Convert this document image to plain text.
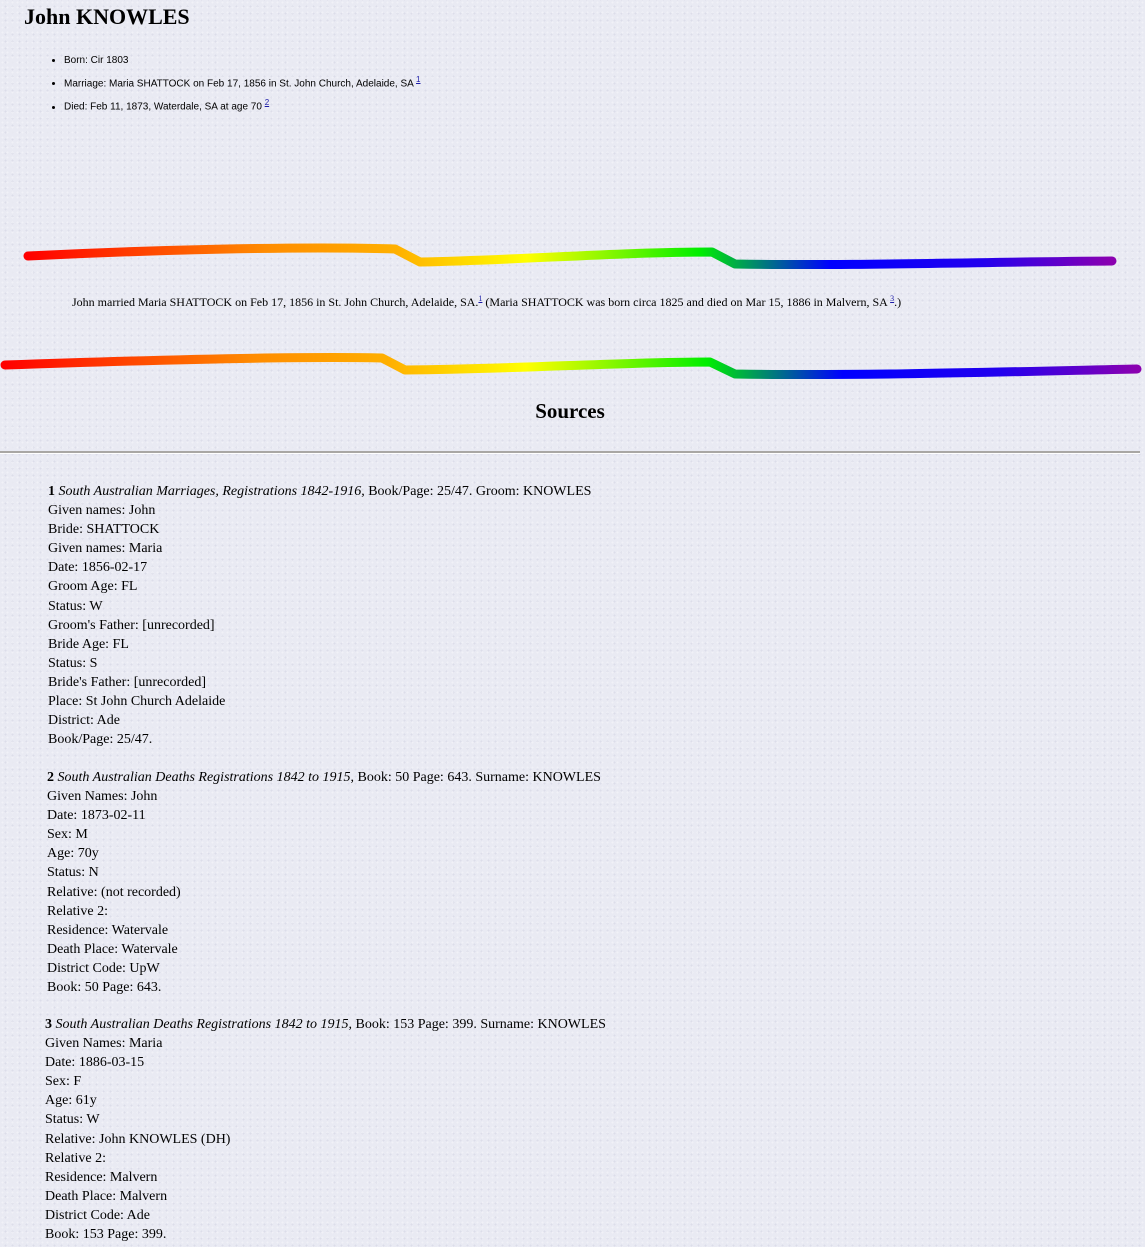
John KNOWLES
• Born: Cir 1803
• Marriage: Maria SHATTOCK on Feb 17, 1856 in St. John Church, Adelaide, SA $^1$
• Died: Feb 11, 1873, Waterdale, SA at age 70 $^2$

John married Maria SHATTOCK on Feb 17, 1856 in St. John Church, Adelaide, SA.$^1$ (Maria SHATTOCK was born circa 1825 and died on Mar 15, 1886 in Malvern, SA $^3$.)

Sources
1 South Australian Marriages, Registrations 1842-1916, Book/Page: 25/47. Groom: KNOWLES
Given names: John
Bride: SHATTOCK
Given names: Maria
Date: 1856-02-17
Groom Age: FL
Status: W
Groom's Father: [unrecorded]
Bride Age: FL
Status: S
Bride's Father: [unrecorded]
Place: St John Church Adelaide
District: Ade
Book/Page: 25/47.
2 South Australian Deaths Registrations 1842 to 1915, Book: 50 Page: 643. Surname: KNOWLES
Given Names: John
Date: 1873-02-11
Sex: M
Age: 70y
Status: N
Relative: (not recorded)
Relative 2:
Residence: Watervale
Death Place: Watervale
District Code: UpW
Book: 50 Page: 643.
3 South Australian Deaths Registrations 1842 to 1915, Book: 153 Page: 399. Surname: KNOWLES
Given Names: Maria
Date: 1886-03-15
Sex: F
Age: 61y
Status: W
Relative: John KNOWLES (DH)
Relative 2:
Residence: Malvern
Death Place: Malvern
District Code: Ade
Book: 153 Page: 399.
